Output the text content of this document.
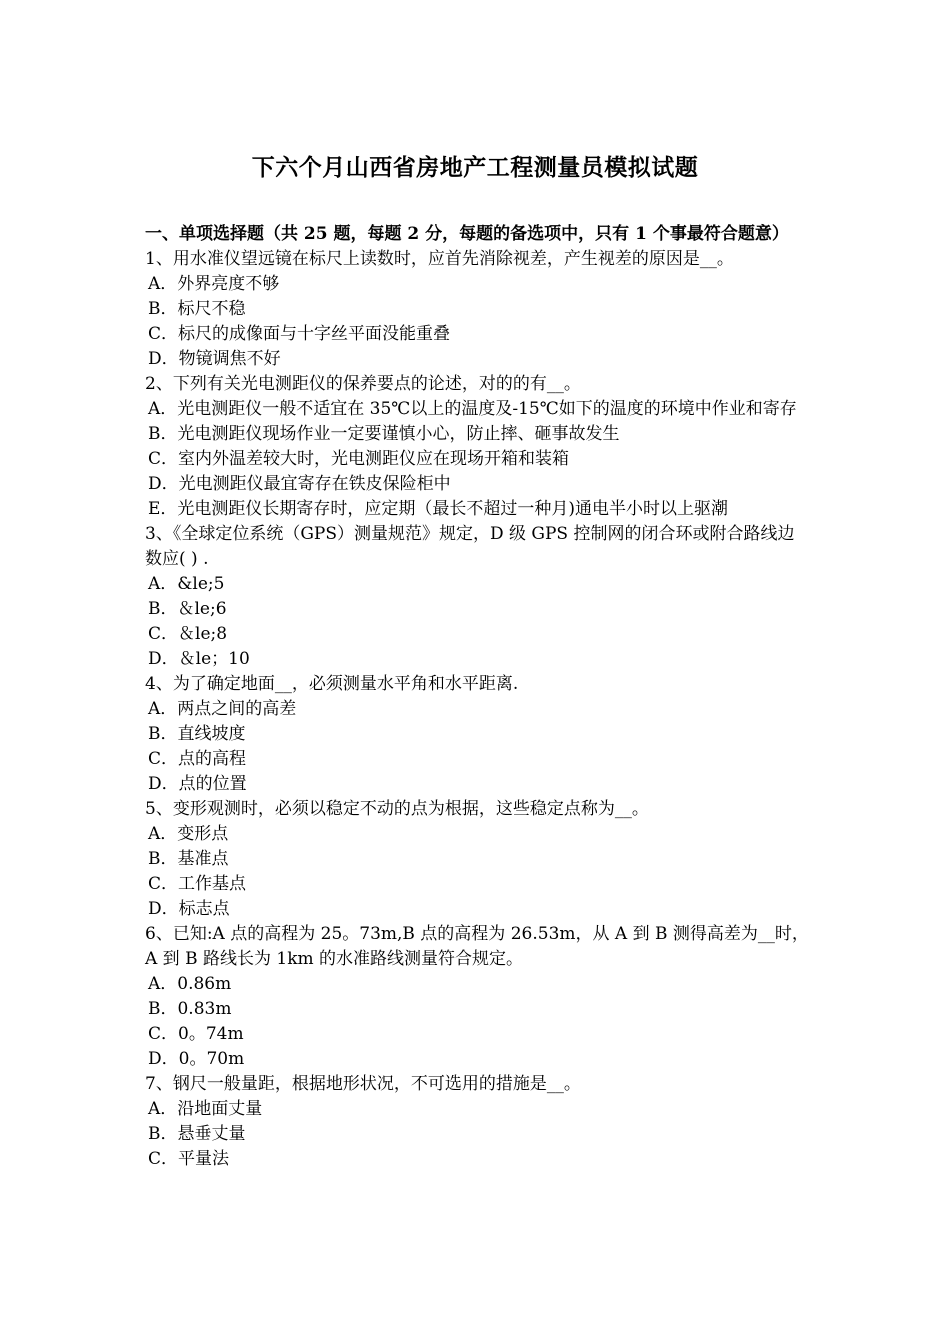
下六个月山西省房地产工程测量员模拟试题

一、单项选择题（共 25 题，每题 2 分，每题的备选项中，只有 1 个事最符合题意）

1、用水准仪望远镜在标尺上读数时，应首先消除视差，产生视差的原因是__。

A．外界亮度不够

B．标尺不稳

C．标尺的成像面与十字丝平面没能重叠

D．物镜调焦不好

2、下列有关光电测距仪的保养要点的论述，对的的有__。

A．光电测距仪一般不适宜在 35℃以上的温度及-15℃如下的温度的环境中作业和寄存

B．光电测距仪现场作业一定要谨慎小心，防止摔、砸事故发生

C．室内外温差较大时，光电测距仪应在现场开箱和装箱

D．光电测距仪最宜寄存在铁皮保险柜中

E．光电测距仪长期寄存时，应定期（最长不超过一种月)通电半小时以上驱潮

3、《全球定位系统（GPS）测量规范》规定，D 级 GPS 控制网的闭合环或附合路线边数应( ) .

A．&le;5

B．＆le;6

C．＆le;8

D．＆le；10

4、为了确定地面__，必须测量水平角和水平距离.

A．两点之间的高差

B．直线坡度

C．点的高程

D．点的位置

5、变形观测时，必须以稳定不动的点为根据，这些稳定点称为__。

A．变形点

B．基准点

C．工作基点

D．标志点

6、已知:A 点的高程为 25。73m,B 点的高程为 26.53m，从 A 到 B 测得高差为__时， A 到 B 路线长为 1km 的水准路线测量符合规定。

A．0.86m

B．0.83m

C．0。74m

D．0。70m

7、钢尺一般量距，根据地形状况，不可选用的措施是__。

A．沿地面丈量

B．悬垂丈量

C．平量法
